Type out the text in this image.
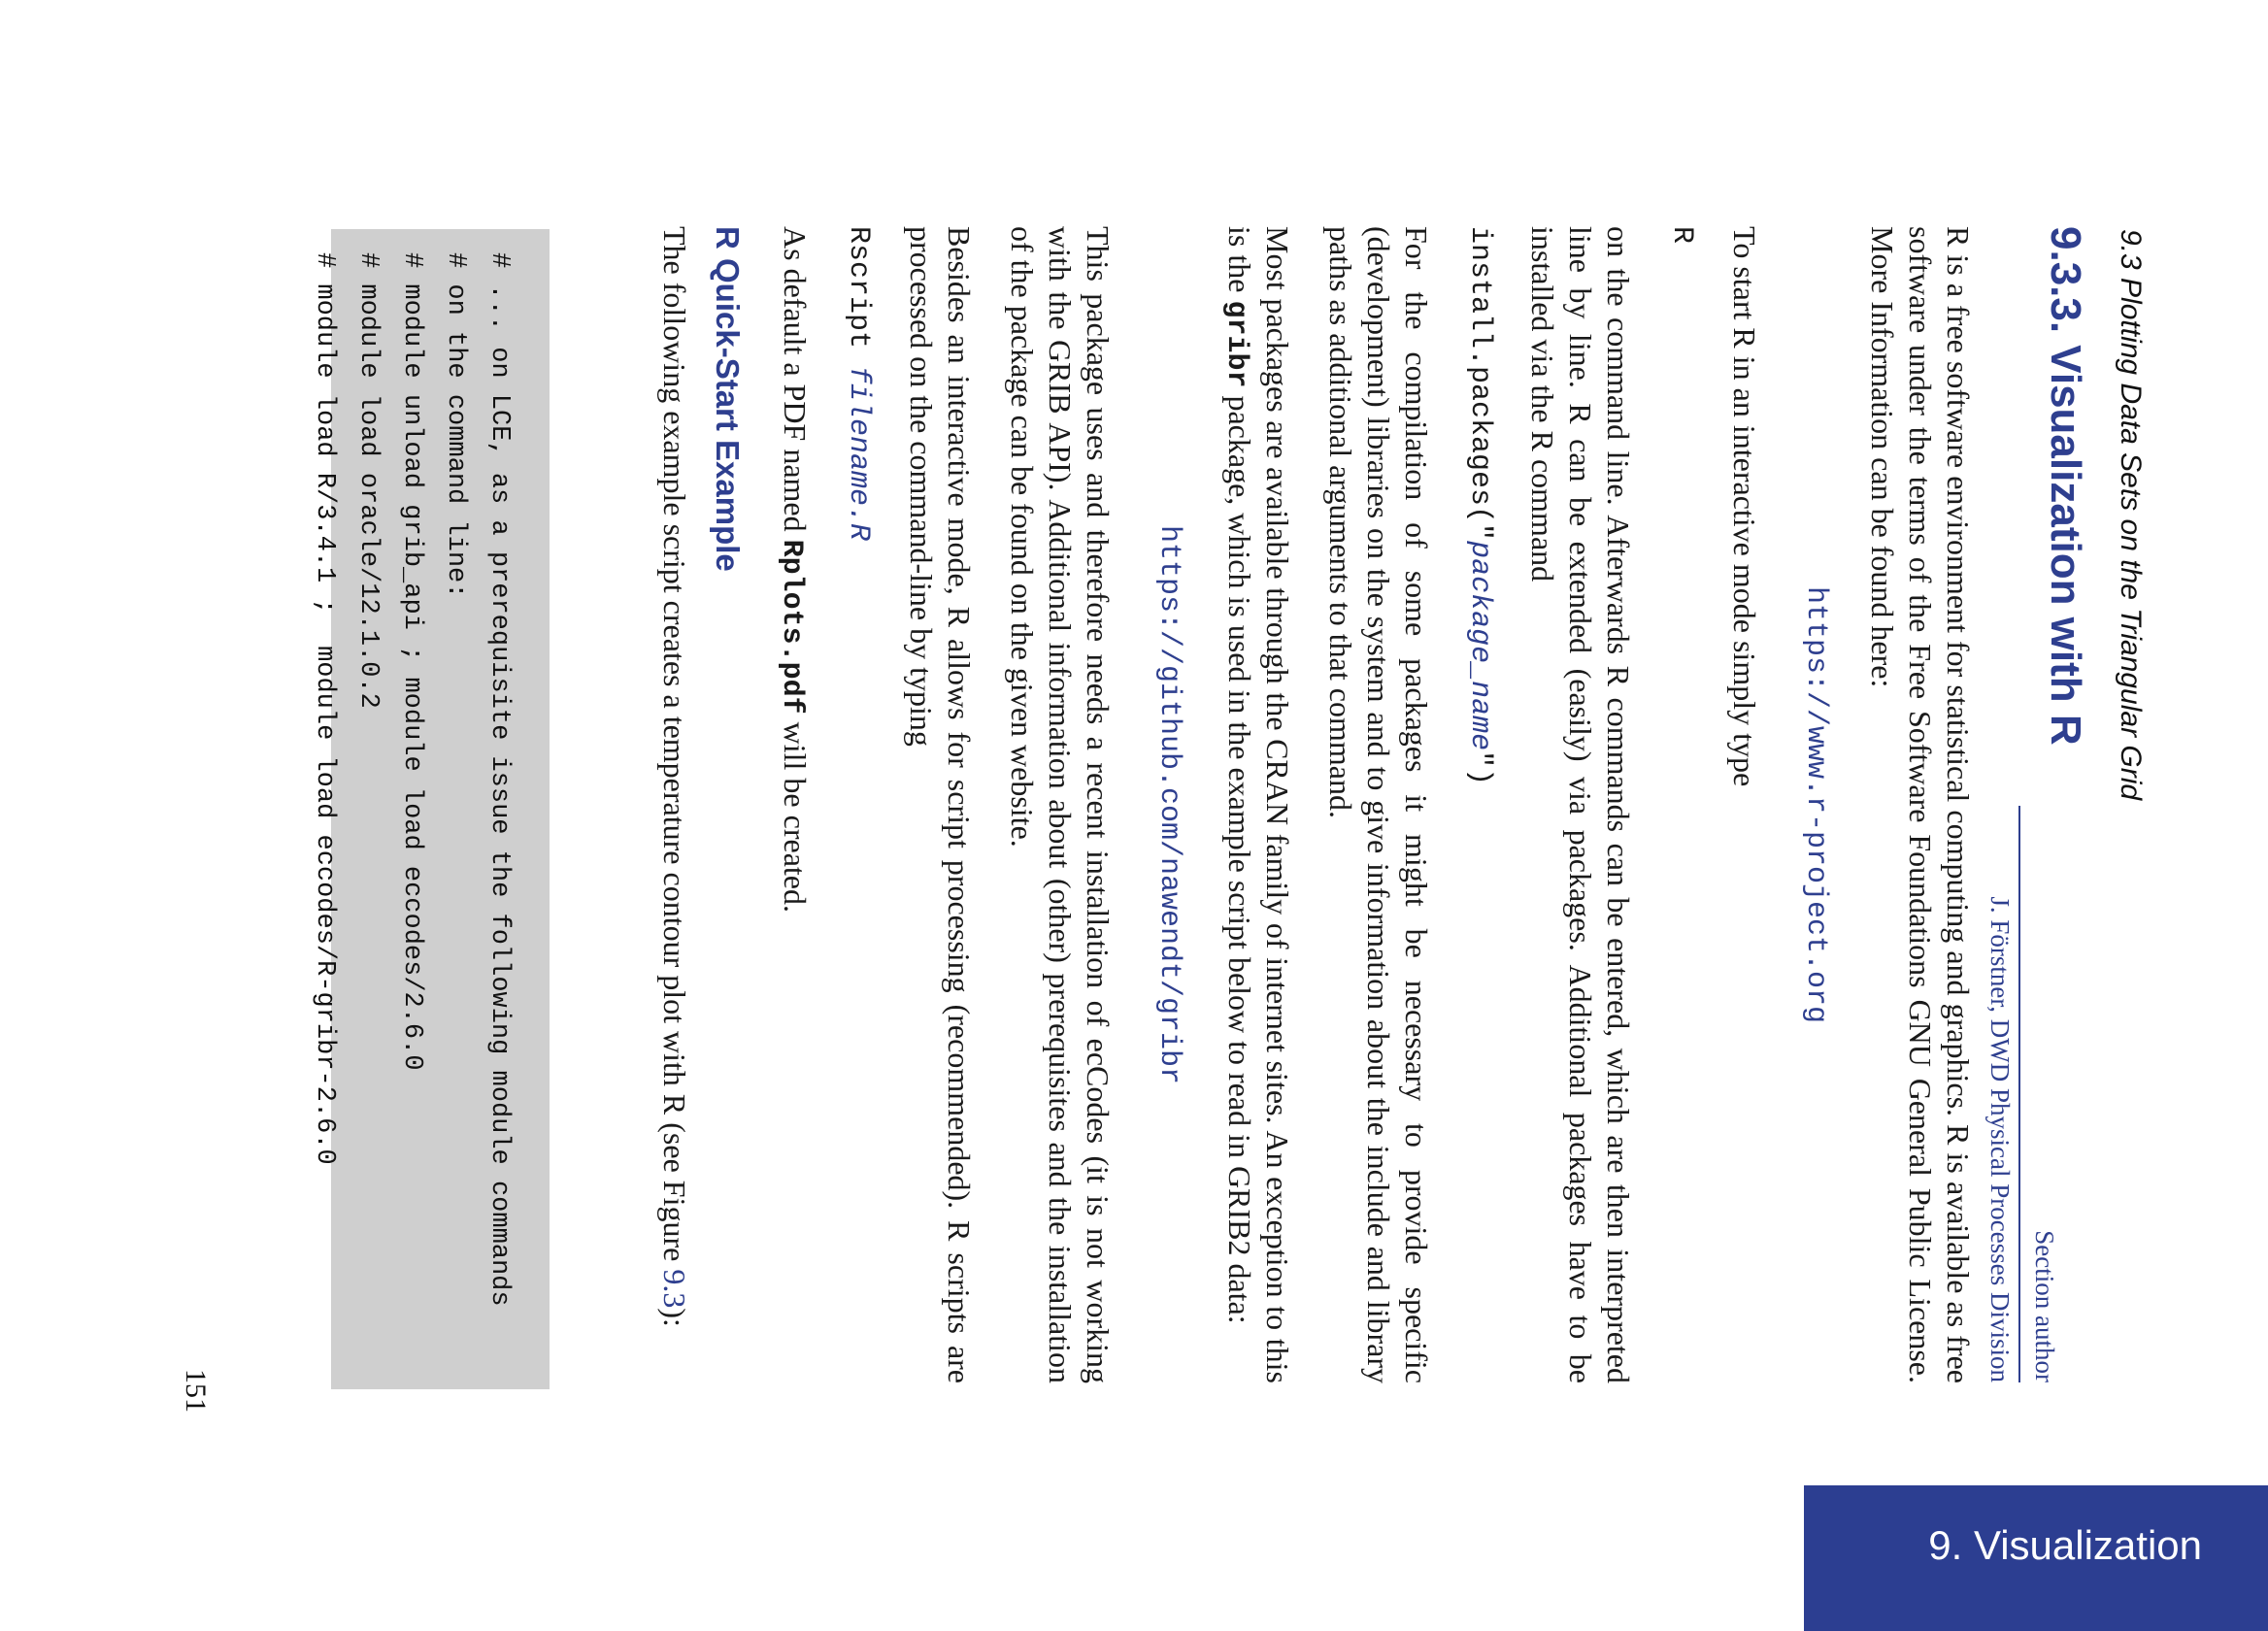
9.3 Plotting Data Sets on the Triangular Grid
9. Visualization
9.3.3. Visualization with R
Section author
J. Förstner, DWD Physical Processes Division

R is a free software environment for statistical computing and graphics. R is available as free software under the terms of the Free Software Foundations GNU General Public License. More Information can be found here:

https://www.r-project.org

To start R in an interactive mode simply type

R

on the command line. Afterwards R commands can be entered, which are then interpreted line by line. R can be extended (easily) via packages. Additional packages have to be installed via the R command

install.packages("package_name")

For the compilation of some packages it might be necessary to provide specific (development) libraries on the system and to give information about the include and library paths as additional arguments to that command.

Most packages are available through the CRAN family of internet sites. An exception to this is the gribr package, which is used in the example script below to read in GRIB2 data:

https://github.com/nawendt/gribr

This package uses and therefore needs a recent installation of ecCodes (it is not working with the GRIB API). Additional information about (other) prerequisites and the installation of the package can be found on the given website.

Besides an interactive mode, R allows for script processing (recommended). R scripts are processed on the command-line by typing

Rscript filename.R

As default a PDF named Rplots.pdf will be created.

R Quick-Start Example

The following example script creates a temperature contour plot with R (see Figure 9.3):

# ... on LCE, as a prerequisite issue the following module commands
# on the command line:
# module unload grib_api ; module load eccodes/2.6.0
# module load oracle/12.1.0.2
# module load R/3.4.1 ;  module load eccodes/R-gribr-2.6.0
151
